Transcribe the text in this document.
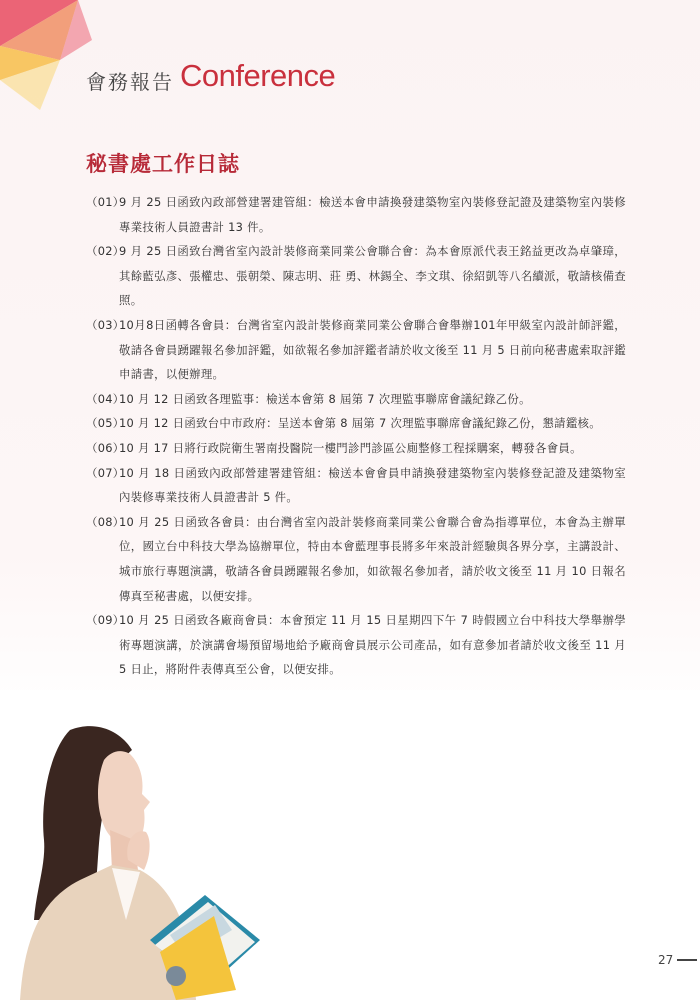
會務報告 Conference
秘書處工作日誌
（01）
9 月 25 日函致內政部營建署建管組：檢送本會申請換發建築物室內裝修登記證及建築物室內裝修專業技術人員證書計 13 件。
（02）
9 月 25 日函致台灣省室內設計裝修商業同業公會聯合會：為本會原派代表王銘益更改為卓肇璋，其餘藍弘彥、張權忠、張朝榮、陳志明、莊 勇、林錫全、李文琪、徐紹凱等八名續派，敬請核備查照。
（03）
10月8日函轉各會員：台灣省室內設計裝修商業同業公會聯合會舉辦101年甲級室內設計師評鑑，敬請各會員踴躍報名參加評鑑，如欲報名參加評鑑者請於收文後至 11 月 5 日前向秘書處索取評鑑申請書，以便辦理。
（04）
10 月 12 日函致各理監事：檢送本會第 8 屆第 7 次理監事聯席會議紀錄乙份。
（05）
10 月 12 日函致台中市政府：呈送本會第 8 屆第 7 次理監事聯席會議紀錄乙份，懇請鑑核。
（06）
10 月 17 日將行政院衛生署南投醫院一樓門診門診區公廁整修工程採購案，轉發各會員。
（07）
10 月 18 日函致內政部營建署建管組：檢送本會會員申請換發建築物室內裝修登記證及建築物室內裝修專業技術人員證書計 5 件。
（08）
10 月 25 日函致各會員：由台灣省室內設計裝修商業同業公會聯合會為指導單位，本會為主辦單位，國立台中科技大學為協辦單位，特由本會藍理事長將多年來設計經驗與各界分享，主講設計、城市旅行專題演講，敬請各會員踴躍報名參加，如欲報名參加者，請於收文後至 11 月 10 日報名傳真至秘書處，以便安排。
（09）
10 月 25 日函致各廠商會員：本會預定 11 月 15 日星期四下午 7 時假國立台中科技大學舉辦學術專題演講，於演講會場預留場地給予廠商會員展示公司產品，如有意參加者請於收文後至 11 月 5 日止，將附件表傳真至公會，以便安排。
27
